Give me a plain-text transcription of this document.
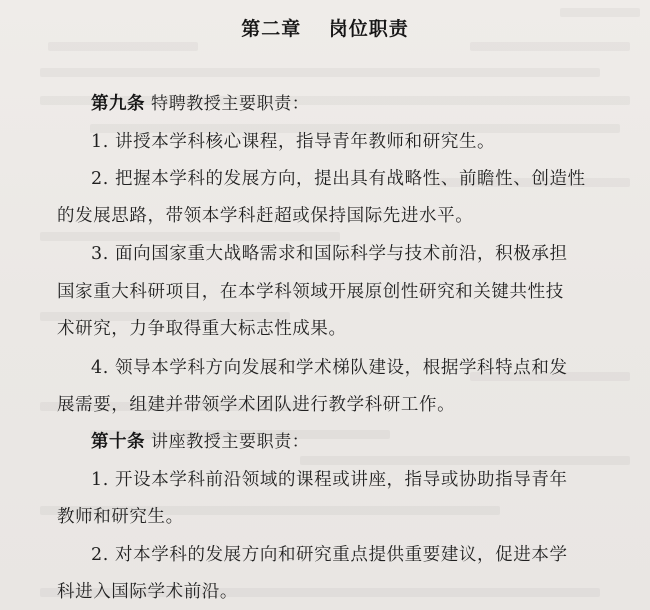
第二章　 岗位职责
第九条 特聘教授主要职责：
1. 讲授本学科核心课程，指导青年教师和研究生。
2. 把握本学科的发展方向，提出具有战略性、前瞻性、创造性
的发展思路，带领本学科赶超或保持国际先进水平。
3. 面向国家重大战略需求和国际科学与技术前沿，积极承担
国家重大科研项目，在本学科领域开展原创性研究和关键共性技
术研究，力争取得重大标志性成果。
4. 领导本学科方向发展和学术梯队建设，根据学科特点和发
展需要，组建并带领学术团队进行教学科研工作。
第十条 讲座教授主要职责：
1. 开设本学科前沿领域的课程或讲座，指导或协助指导青年
教师和研究生。
2. 对本学科的发展方向和研究重点提供重要建议，促进本学
科进入国际学术前沿。
